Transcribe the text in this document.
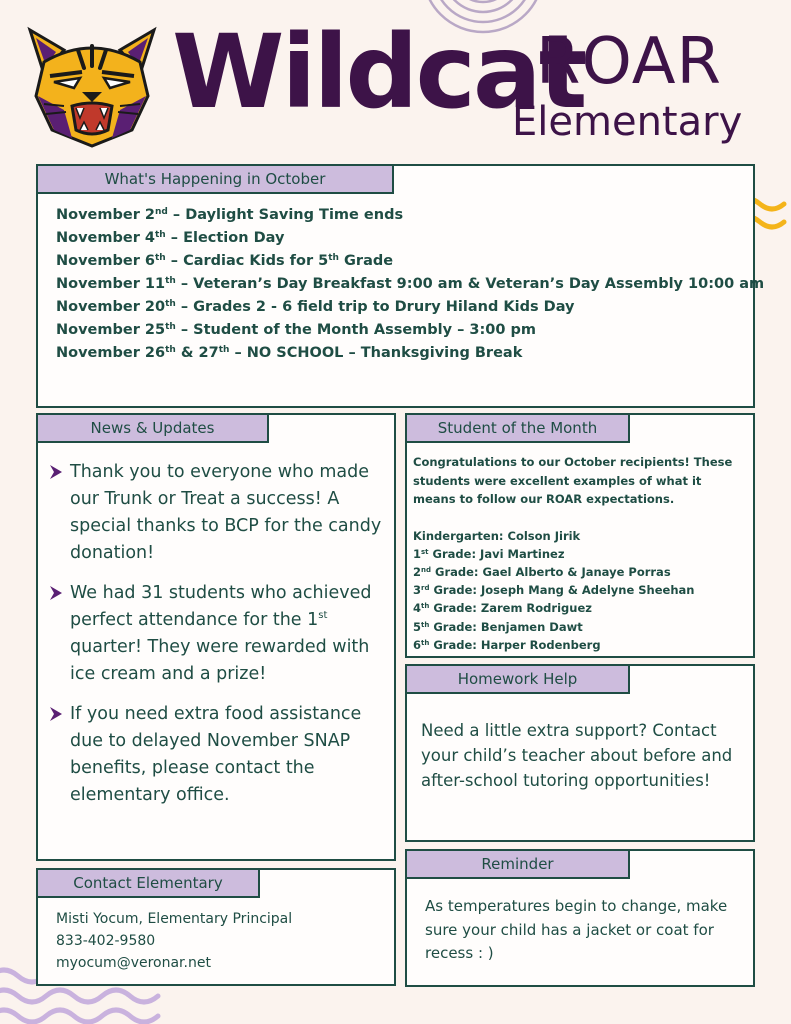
Wildcat
ROAR
Elementary
What's Happening in October
November 2nd – Daylight Saving Time ends
November 4th – Election Day
November 6th – Cardiac Kids for 5th Grade
November 11th – Veteran’s Day Breakfast 9:00 am & Veteran’s Day Assembly 10:00 am
November 20th – Grades 2 - 6 field trip to Drury Hiland Kids Day
November 25th – Student of the Month Assembly – 3:00 pm
November 26th & 27th – NO SCHOOL – Thanksgiving Break
News & Updates
Thank you to everyone who made our Trunk or Treat a success! A special thanks to BCP for the candy donation!
We had 31 students who achieved perfect attendance for the 1st quarter! They were rewarded with ice cream and a prize!
If you need extra food assistance due to delayed November SNAP benefits, please contact the elementary office.
Student of the Month
Congratulations to our October recipients! These students were excellent examples of what it means to follow our ROAR expectations.
Kindergarten: Colson Jirik
1st Grade: Javi Martinez
2nd Grade: Gael Alberto & Janaye Porras
3rd Grade: Joseph Mang & Adelyne Sheehan
4th Grade: Zarem Rodriguez
5th Grade: Benjamen Dawt
6th Grade: Harper Rodenberg
Homework Help
Need a little extra support? Contact your child’s teacher about before and after-school tutoring opportunities!
Reminder
As temperatures begin to change, make sure your child has a jacket or coat for recess : )
Contact Elementary
Misti Yocum, Elementary Principal
833-402-9580
myocum@veronar.net
